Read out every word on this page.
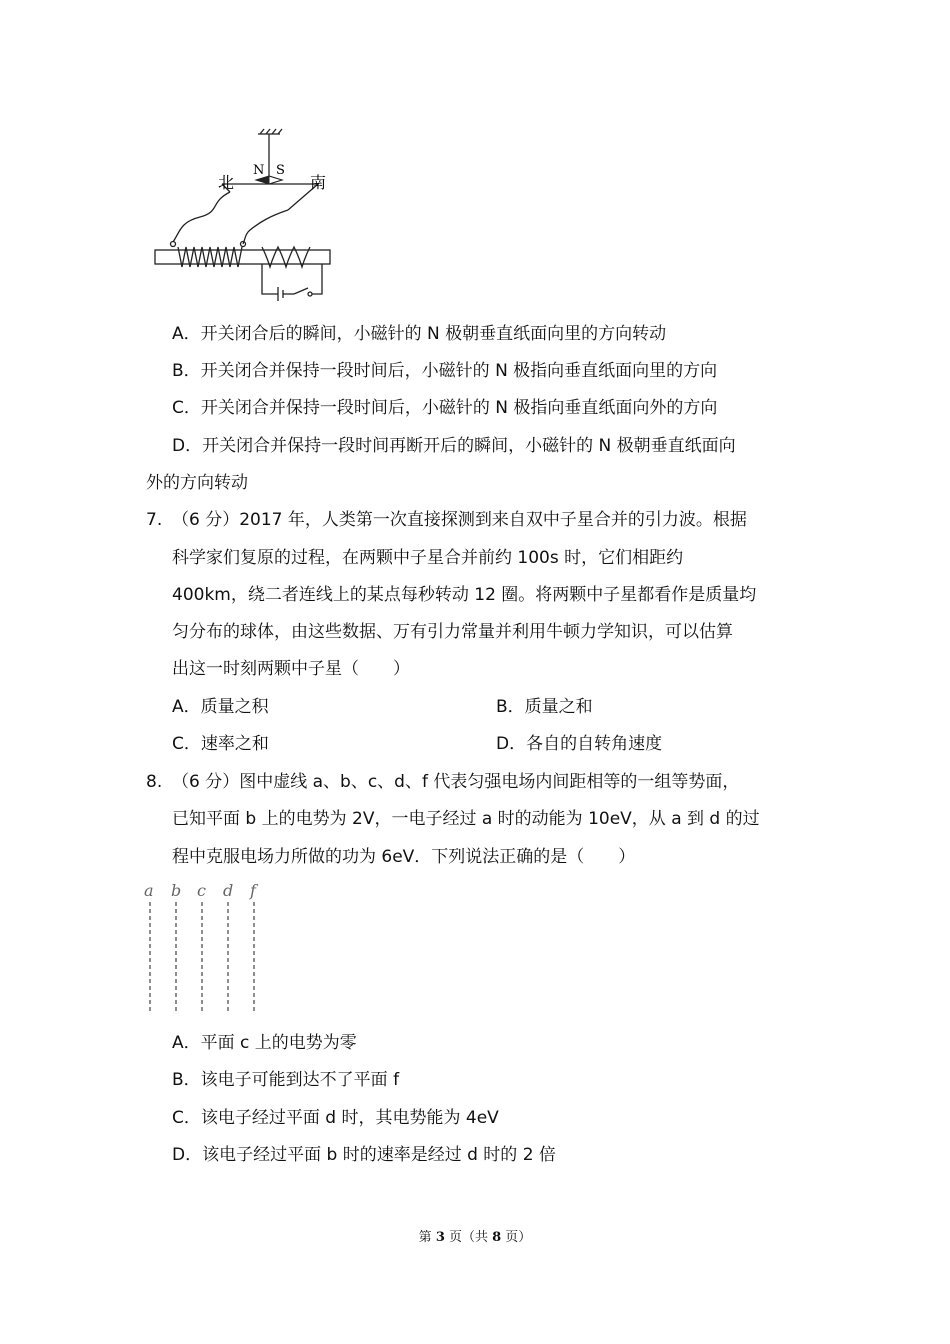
N S
北	南
A．开关闭合后的瞬间，小磁针的 N 极朝垂直纸面向里的方向转动
B．开关闭合并保持一段时间后，小磁针的 N 极指向垂直纸面向里的方向
C．开关闭合并保持一段时间后，小磁针的 N 极指向垂直纸面向外的方向
D．开关闭合并保持一段时间再断开后的瞬间，小磁针的 N 极朝垂直纸面向
外的方向转动
7. （6 分）2017 年，人类第一次直接探测到来自双中子星合并的引力波。根据
科学家们复原的过程，在两颗中子星合并前约 100s 时，它们相距约
400km，绕二者连线上的某点每秒转动 12 圈。将两颗中子星都看作是质量均
匀分布的球体，由这些数据、万有引力常量并利用牛顿力学知识，可以估算
出这一时刻两颗中子星（　　）
A．质量之积	B．质量之和
C．速率之和	D．各自的自转角速度
8. （6 分）图中虚线 a、b、c、d、f 代表匀强电场内间距相等的一组等势面，
已知平面 b 上的电势为 2V，一电子经过 a 时的动能为 10eV，从 a 到 d 的过
程中克服电场力所做的功为 6eV．下列说法正确的是（　　）
a b c d f
A．平面 c 上的电势为零
B．该电子可能到达不了平面 f
C．该电子经过平面 d 时，其电势能为 4eV
D．该电子经过平面 b 时的速率是经过 d 时的 2 倍
第 3 页（共 8 页）
